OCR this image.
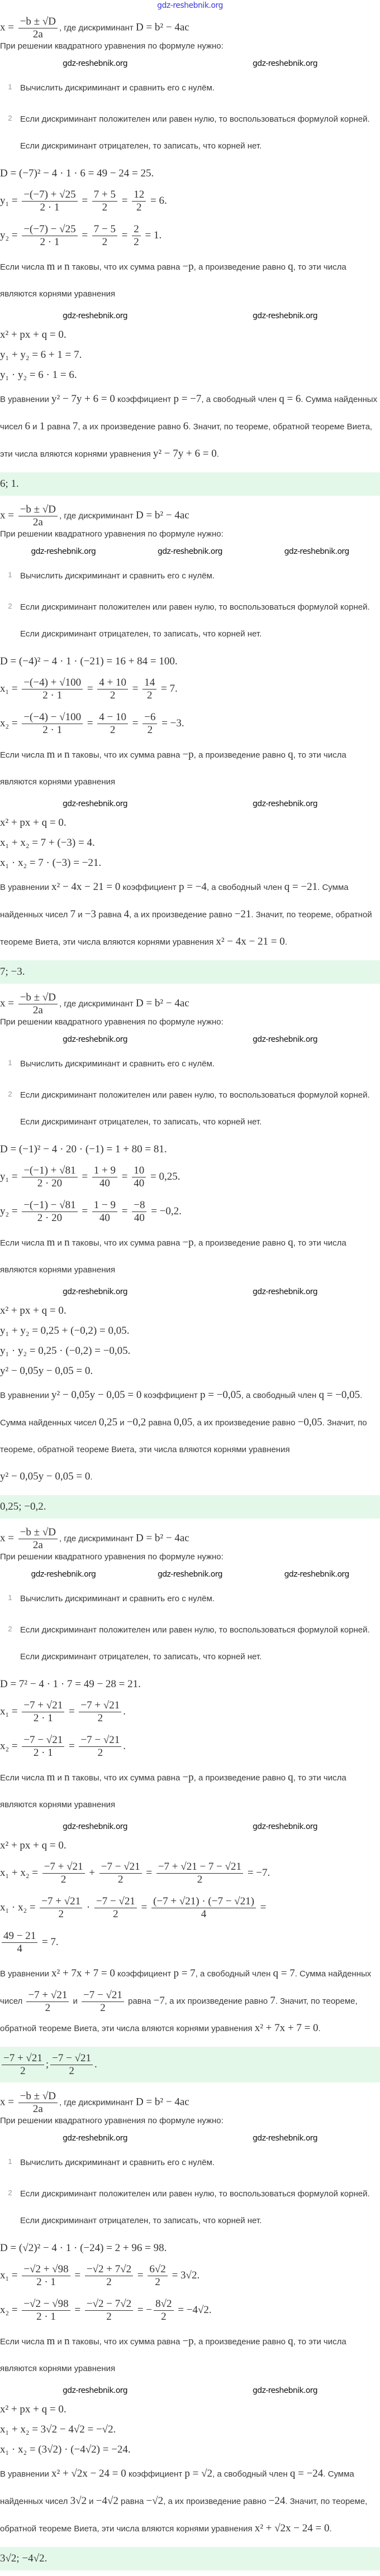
gdz-reshebnik.org
$x = \frac{-b \pm √D}{2a}$ , где дискриминант D = b² − 4ac
При решении квадратного уравнения по формуле нужно:
gdz-reshebnik.org	gdz-reshebnik.org
1 Вычислить дискриминант и сравнить его с нулём.
2 Если дискриминант положителен или равен нулю, то воспользоваться формулой корней. Если дискриминант отрицателен, то записать, что корней нет.
D = (−7)² − 4 · 1 · 6 = 49 − 24 = 25.
$y_1 = \frac{-(-7) + √25}{2 \cdot 1} = \frac{7 + 5}{2} = \frac{12}{2} = 6$.
$y_2 = \frac{-(-7) - √25}{2 \cdot 1} = \frac{7 - 5}{2} = \frac{2}{2} = 1$.

Если числа m и n таковы, что их сумма равна −p, а произведение равно q, то эти числа являются корнями уравнения

gdz-reshebnik.org	gdz-reshebnik.org
x² + px + q = 0.
y₁ + y₂ = 6 + 1 = 7.
y₁ · y₂ = 6 · 1 = 6.

В уравнении y² − 7y + 6 = 0 коэффициент p = −7, а свободный член q = 6. Сумма найденных чисел 6 и 1 равна 7, а их произведение равно 6. Значит, по теореме, обратной теореме Виета, эти числа вляются корнями уравнения y² − 7y + 6 = 0.

6; 1.
$x = \frac{-b \pm √D}{2a}$ , где дискриминант D = b² − 4ac
При решении квадратного уравнения по формуле нужно:
gdz-reshebnik.org	gdz-reshebnik.org	gdz-reshebnik.org
1 Вычислить дискриминант и сравнить его с нулём.
2 Если дискриминант положителен или равен нулю, то воспользоваться формулой корней. Если дискриминант отрицателен, то записать, что корней нет.
D = (−4)² − 4 · 1 · (−21) = 16 + 84 = 100.
$x_1 = \frac{-(-4) + √100}{2 \cdot 1} = \frac{4 + 10}{2} = \frac{14}{2} = 7$.
$x_2 = \frac{-(-4) - √100}{2 \cdot 1} = \frac{4 - 10}{2} = \frac{-6}{2} = -3$.

Если числа m и n таковы, что их сумма равна −p, а произведение равно q, то эти числа являются корнями уравнения

gdz-reshebnik.org	gdz-reshebnik.org
x² + px + q = 0.
x₁ + x₂ = 7 + (−3) = 4.
x₁ · x₂ = 7 · (−3) = −21.

В уравнении x² − 4x − 21 = 0 коэффициент p = −4, а свободный член q = −21. Сумма найденных чисел 7 и −3 равна 4, а их произведение равно −21. Значит, по теореме, обратной теореме Виета, эти числа вляются корнями уравнения x² − 4x − 21 = 0.

7; −3.
$x = \frac{-b \pm √D}{2a}$ , где дискриминант D = b² − 4ac
При решении квадратного уравнения по формуле нужно:
gdz-reshebnik.org	gdz-reshebnik.org
1 Вычислить дискриминант и сравнить его с нулём.
2 Если дискриминант положителен или равен нулю, то воспользоваться формулой корней. Если дискриминант отрицателен, то записать, что корней нет.
D = (−1)² − 4 · 20 · (−1) = 1 + 80 = 81.
$y_1 = \frac{-(-1) + √81}{2 \cdot 20} = \frac{1 + 9}{40} = \frac{10}{40} = 0,25$.
$y_2 = \frac{-(-1) - √81}{2 \cdot 20} = \frac{1 - 9}{40} = \frac{-8}{40} = -0,2$.

Если числа m и n таковы, что их сумма равна −p, а произведение равно q, то эти числа являются корнями уравнения

gdz-reshebnik.org	gdz-reshebnik.org
x² + px + q = 0.
y₁ + y₂ = 0,25 + (−0,2) = 0,05.
y₁ · y₂ = 0,25 · (−0,2) = −0,05.
y² − 0,05y − 0,05 = 0.

В уравнении y² − 0,05y − 0,05 = 0 коэффициент p = −0,05, а свободный член q = −0,05. Сумма найденных чисел 0,25 и −0,2 равна 0,05, а их произведение равно −0,05. Значит, по теореме, обратной теореме Виета, эти числа вляются корнями уравнения y² − 0,05y − 0,05 = 0.

0,25; −0,2.
$x = \frac{-b \pm √D}{2a}$ , где дискриминант D = b² − 4ac
При решении квадратного уравнения по формуле нужно:
gdz-reshebnik.org	gdz-reshebnik.org	gdz-reshebnik.org
1 Вычислить дискриминант и сравнить его с нулём.
2 Если дискриминант положителен или равен нулю, то воспользоваться формулой корней. Если дискриминант отрицателен, то записать, что корней нет.
D = 7² − 4 · 1 · 7 = 49 − 28 = 21.
$x_1 = \frac{-7 + √21}{2 \cdot 1} = \frac{-7 + √21}{2}$ .
$x_2 = \frac{-7 - √21}{2 \cdot 1} = \frac{-7 - √21}{2}$ .

Если числа m и n таковы, что их сумма равна −p, а произведение равно q, то эти числа являются корнями уравнения

gdz-reshebnik.org	gdz-reshebnik.org
x² + px + q = 0.
$x_1 + x_2 = \frac{-7 + √21}{2} + \frac{-7 - √21}{2} = \frac{-7 + √21 - 7 - √21}{2} = -7$.
$x_1 \cdot x_2 = \frac{-7 + √21}{2} \cdot \frac{-7 - √21}{2} = \frac{(-7 + √21) \cdot (-7 - √21)}{4}$ =
$\frac{49 - 21}{4} = 7$.

В уравнении x² + 7x + 7 = 0 коэффициент p = 7, а свободный член q = 7. Сумма найденных чисел $\frac{-7 + √21}{2}$ и $\frac{-7 - √21}{2}$ равна −7, а их произведение равно 7. Значит, по теореме, обратной теореме Виета, эти числа вляются корнями уравнения x² + 7x + 7 = 0.

$\frac{-7 + √21}{2}$ ; $\frac{-7 - √21}{2}$ .
$x = \frac{-b \pm √D}{2a}$ , где дискриминант D = b² − 4ac
При решении квадратного уравнения по формуле нужно:
gdz-reshebnik.org	gdz-reshebnik.org
1 Вычислить дискриминант и сравнить его с нулём.
2 Если дискриминант положителен или равен нулю, то воспользоваться формулой корней. Если дискриминант отрицателен, то записать, что корней нет.
D = (√2)² − 4 · 1 · (−24) = 2 + 96 = 98.
$x_1 = \frac{-√2 + √98}{2 \cdot 1} = \frac{-√2 + 7√2}{2} = \frac{6√2}{2} = 3√2$.
$x_2 = \frac{-√2 - √98}{2 \cdot 1} = \frac{-√2 - 7√2}{2}$ = − $\frac{8√2}{2} = -4√2$.

Если числа m и n таковы, что их сумма равна −p, а произведение равно q, то эти числа являются корнями уравнения

gdz-reshebnik.org	gdz-reshebnik.org
x² + px + q = 0.
x₁ + x₂ = 3√2 − 4√2 = −√2.
x₁ · x₂ = (3√2) · (−4√2) = −24.

В уравнении x² + √2x − 24 = 0 коэффициент p = √2, а свободный член q = −24. Сумма найденных чисел 3√2 и −4√2 равна −√2, а их произведение равно −24. Значит, по теореме, обратной теореме Виета, эти числа вляются корнями уравнения x² + √2x − 24 = 0.

3√2; −4√2.
